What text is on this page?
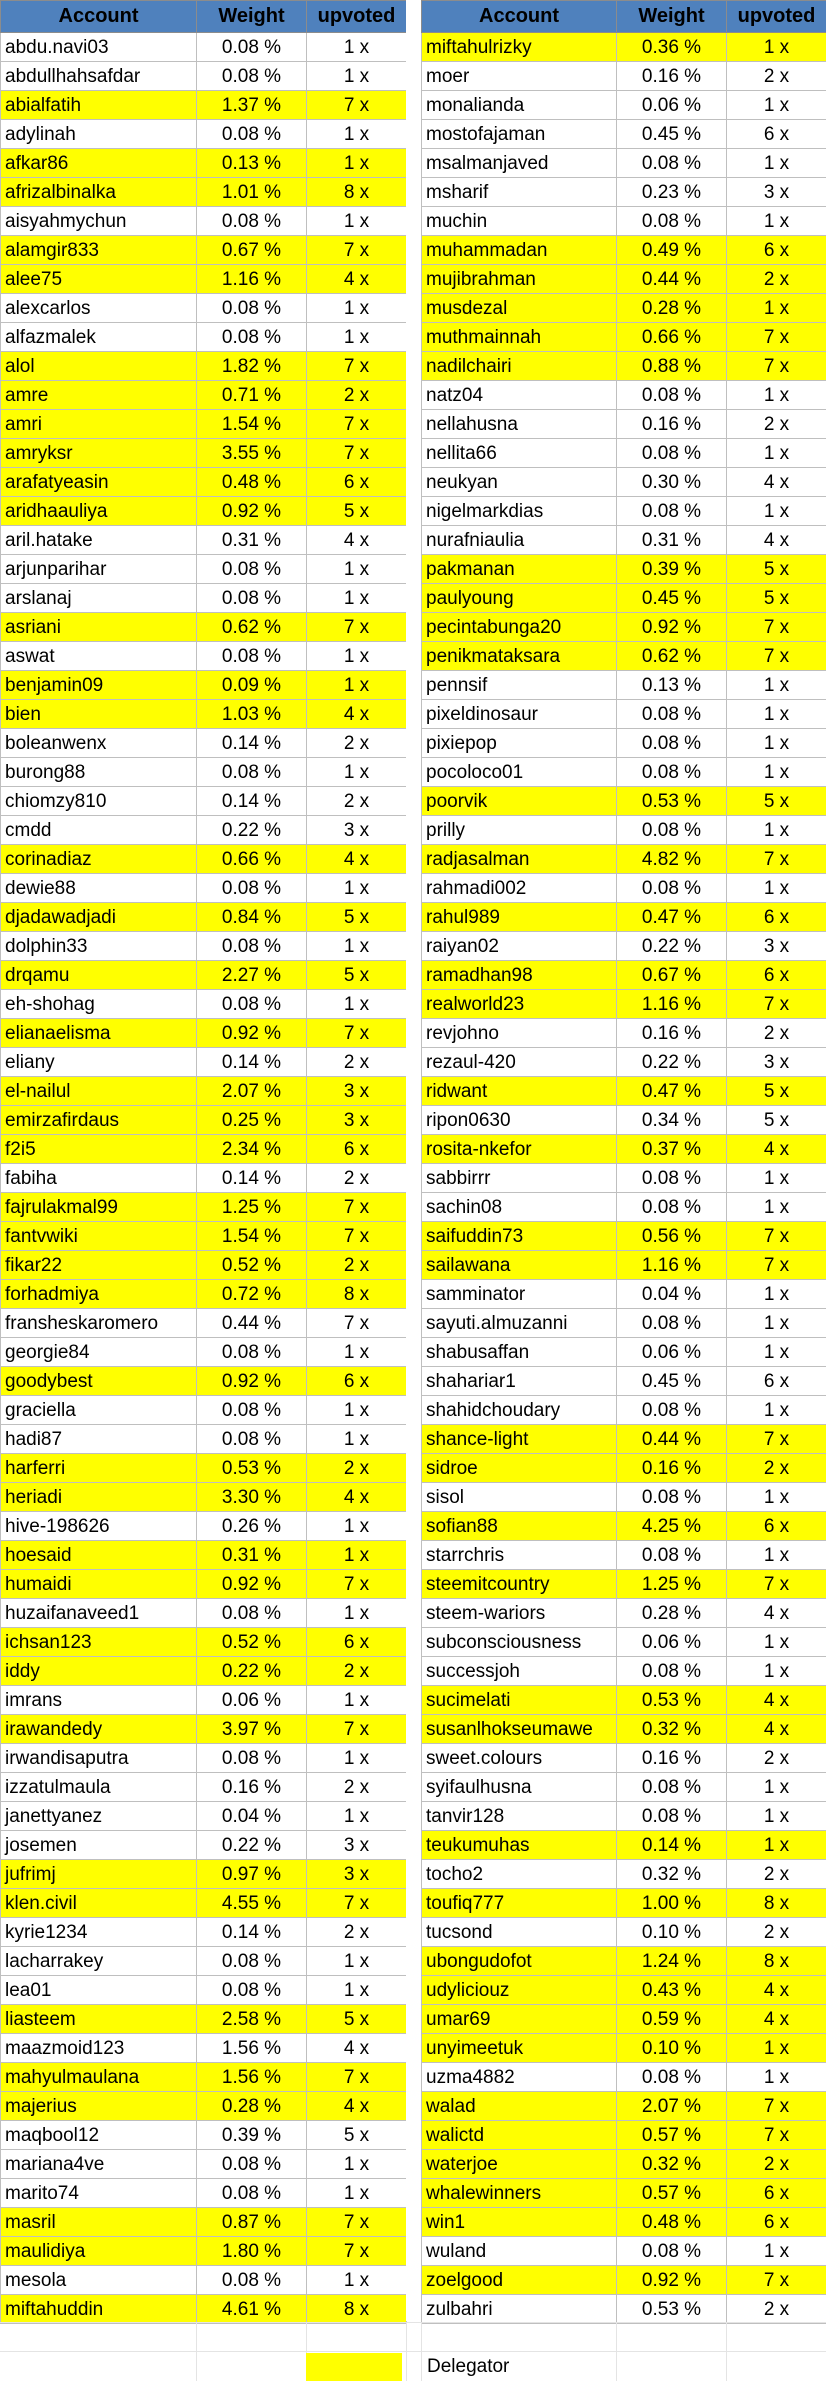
Account	Weight	upvoted
abdu.navi03	0.08 %	1 x
abdullhahsafdar	0.08 %	1 x
abialfatih	1.37 %	7 x
adylinah	0.08 %	1 x
afkar86	0.13 %	1 x
afrizalbinalka	1.01 %	8 x
aisyahmychun	0.08 %	1 x
alamgir833	0.67 %	7 x
alee75	1.16 %	4 x
alexcarlos	0.08 %	1 x
alfazmalek	0.08 %	1 x
alol	1.82 %	7 x
amre	0.71 %	2 x
amri	1.54 %	7 x
amryksr	3.55 %	7 x
arafatyeasin	0.48 %	6 x
aridhaauliya	0.92 %	5 x
aril.hatake	0.31 %	4 x
arjunparihar	0.08 %	1 x
arslanaj	0.08 %	1 x
asriani	0.62 %	7 x
aswat	0.08 %	1 x
benjamin09	0.09 %	1 x
bien	1.03 %	4 x
boleanwenx	0.14 %	2 x
burong88	0.08 %	1 x
chiomzy810	0.14 %	2 x
cmdd	0.22 %	3 x
corinadiaz	0.66 %	4 x
dewie88	0.08 %	1 x
djadawadjadi	0.84 %	5 x
dolphin33	0.08 %	1 x
drqamu	2.27 %	5 x
eh-shohag	0.08 %	1 x
elianaelisma	0.92 %	7 x
eliany	0.14 %	2 x
el-nailul	2.07 %	3 x
emirzafirdaus	0.25 %	3 x
f2i5	2.34 %	6 x
fabiha	0.14 %	2 x
fajrulakmal99	1.25 %	7 x
fantvwiki	1.54 %	7 x
fikar22	0.52 %	2 x
forhadmiya	0.72 %	8 x
fransheskaromero	0.44 %	7 x
georgie84	0.08 %	1 x
goodybest	0.92 %	6 x
graciella	0.08 %	1 x
hadi87	0.08 %	1 x
harferri	0.53 %	2 x
heriadi	3.30 %	4 x
hive-198626	0.26 %	1 x
hoesaid	0.31 %	1 x
humaidi	0.92 %	7 x
huzaifanaveed1	0.08 %	1 x
ichsan123	0.52 %	6 x
iddy	0.22 %	2 x
imrans	0.06 %	1 x
irawandedy	3.97 %	7 x
irwandisaputra	0.08 %	1 x
izzatulmaula	0.16 %	2 x
janettyanez	0.04 %	1 x
josemen	0.22 %	3 x
jufrimj	0.97 %	3 x
klen.civil	4.55 %	7 x
kyrie1234	0.14 %	2 x
lacharrakey	0.08 %	1 x
lea01	0.08 %	1 x
liasteem	2.58 %	5 x
maazmoid123	1.56 %	4 x
mahyulmaulana	1.56 %	7 x
majerius	0.28 %	4 x
maqbool12	0.39 %	5 x
mariana4ve	0.08 %	1 x
marito74	0.08 %	1 x
masril	0.87 %	7 x
maulidiya	1.80 %	7 x
mesola	0.08 %	1 x
miftahuddin	4.61 %	8 x
Account	Weight	upvoted
miftahulrizky	0.36 %	1 x
moer	0.16 %	2 x
monalianda	0.06 %	1 x
mostofajaman	0.45 %	6 x
msalmanjaved	0.08 %	1 x
msharif	0.23 %	3 x
muchin	0.08 %	1 x
muhammadan	0.49 %	6 x
mujibrahman	0.44 %	2 x
musdezal	0.28 %	1 x
muthmainnah	0.66 %	7 x
nadilchairi	0.88 %	7 x
natz04	0.08 %	1 x
nellahusna	0.16 %	2 x
nellita66	0.08 %	1 x
neukyan	0.30 %	4 x
nigelmarkdias	0.08 %	1 x
nurafniaulia	0.31 %	4 x
pakmanan	0.39 %	5 x
paulyoung	0.45 %	5 x
pecintabunga20	0.92 %	7 x
penikmataksara	0.62 %	7 x
pennsif	0.13 %	1 x
pixeldinosaur	0.08 %	1 x
pixiepop	0.08 %	1 x
pocoloco01	0.08 %	1 x
poorvik	0.53 %	5 x
prilly	0.08 %	1 x
radjasalman	4.82 %	7 x
rahmadi002	0.08 %	1 x
rahul989	0.47 %	6 x
raiyan02	0.22 %	3 x
ramadhan98	0.67 %	6 x
realworld23	1.16 %	7 x
revjohno	0.16 %	2 x
rezaul-420	0.22 %	3 x
ridwant	0.47 %	5 x
ripon0630	0.34 %	5 x
rosita-nkefor	0.37 %	4 x
sabbirrr	0.08 %	1 x
sachin08	0.08 %	1 x
saifuddin73	0.56 %	7 x
sailawana	1.16 %	7 x
samminator	0.04 %	1 x
sayuti.almuzanni	0.08 %	1 x
shabusaffan	0.06 %	1 x
shahariar1	0.45 %	6 x
shahidchoudary	0.08 %	1 x
shance-light	0.44 %	7 x
sidroe	0.16 %	2 x
sisol	0.08 %	1 x
sofian88	4.25 %	6 x
starrchris	0.08 %	1 x
steemitcountry	1.25 %	7 x
steem-wariors	0.28 %	4 x
subconsciousness	0.06 %	1 x
successjoh	0.08 %	1 x
sucimelati	0.53 %	4 x
susanlhokseumawe	0.32 %	4 x
sweet.colours	0.16 %	2 x
syifaulhusna	0.08 %	1 x
tanvir128	0.08 %	1 x
teukumuhas	0.14 %	1 x
tocho2	0.32 %	2 x
toufiq777	1.00 %	8 x
tucsond	0.10 %	2 x
ubongudofot	1.24 %	8 x
udyliciouz	0.43 %	4 x
umar69	0.59 %	4 x
unyimeetuk	0.10 %	1 x
uzma4882	0.08 %	1 x
walad	2.07 %	7 x
walictd	0.57 %	7 x
waterjoe	0.32 %	2 x
whalewinners	0.57 %	6 x
win1	0.48 %	6 x
wuland	0.08 %	1 x
zoelgood	0.92 %	7 x
zulbahri	0.53 %	2 x
Delegator
